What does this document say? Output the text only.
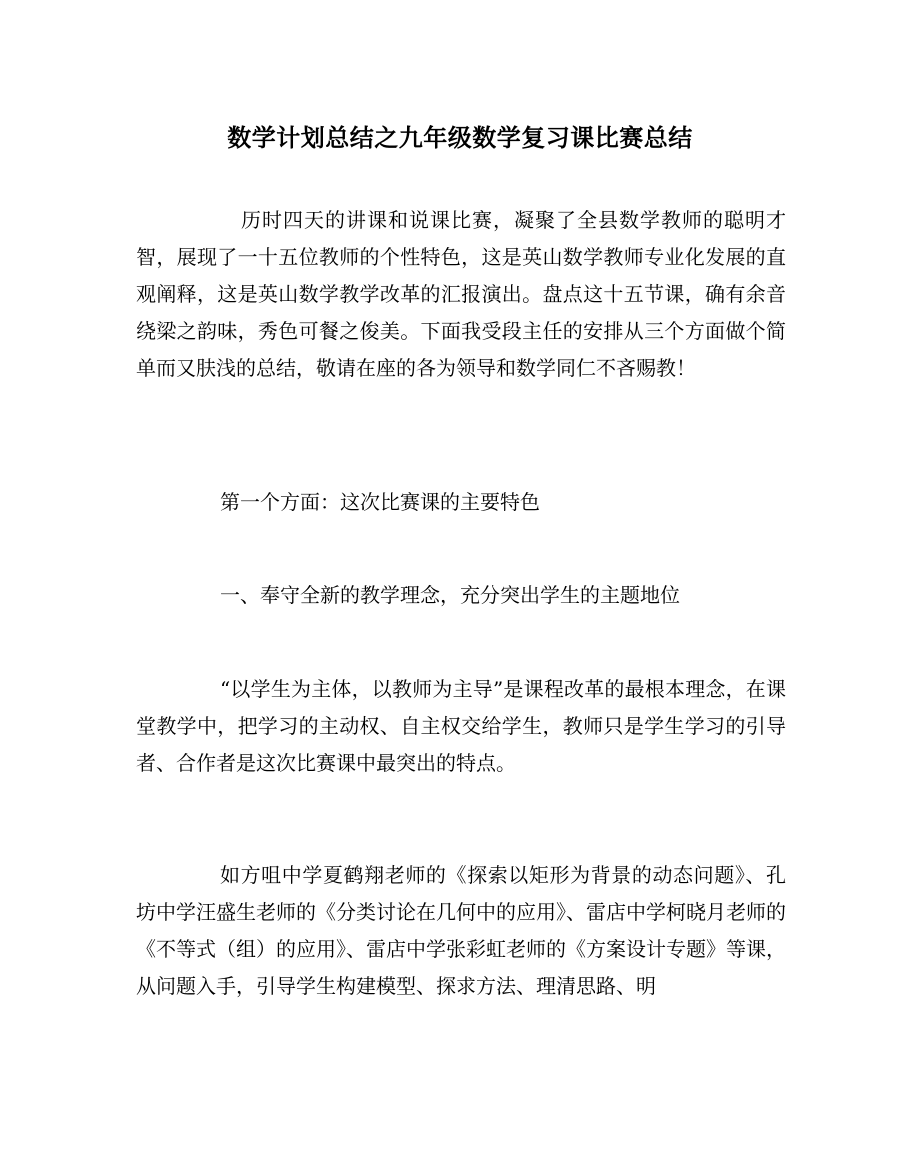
数学计划总结之九年级数学复习课比赛总结

历时四天的讲课和说课比赛，凝聚了全县数学教师的聪明才智，展现了一十五位教师的个性特色，这是英山数学教师专业化发展的直观阐释，这是英山数学教学改革的汇报演出。盘点这十五节课，确有余音绕梁之韵味，秀色可餐之俊美。下面我受段主任的安排从三个方面做个简单而又肤浅的总结，敬请在座的各为领导和数学同仁不吝赐教！

第一个方面：这次比赛课的主要特色

一、奉守全新的教学理念，充分突出学生的主题地位

“以学生为主体，以教师为主导”是课程改革的最根本理念，在课堂教学中，把学习的主动权、自主权交给学生，教师只是学生学习的引导者、合作者是这次比赛课中最突出的特点。

如方咀中学夏鹤翔老师的《探索以矩形为背景的动态问题》、孔坊中学汪盛生老师的《分类讨论在几何中的应用》、雷店中学柯晓月老师的《不等式（组）的应用》、雷店中学张彩虹老师的《方案设计专题》等课，从问题入手，引导学生构建模型、探求方法、理清思路、明
